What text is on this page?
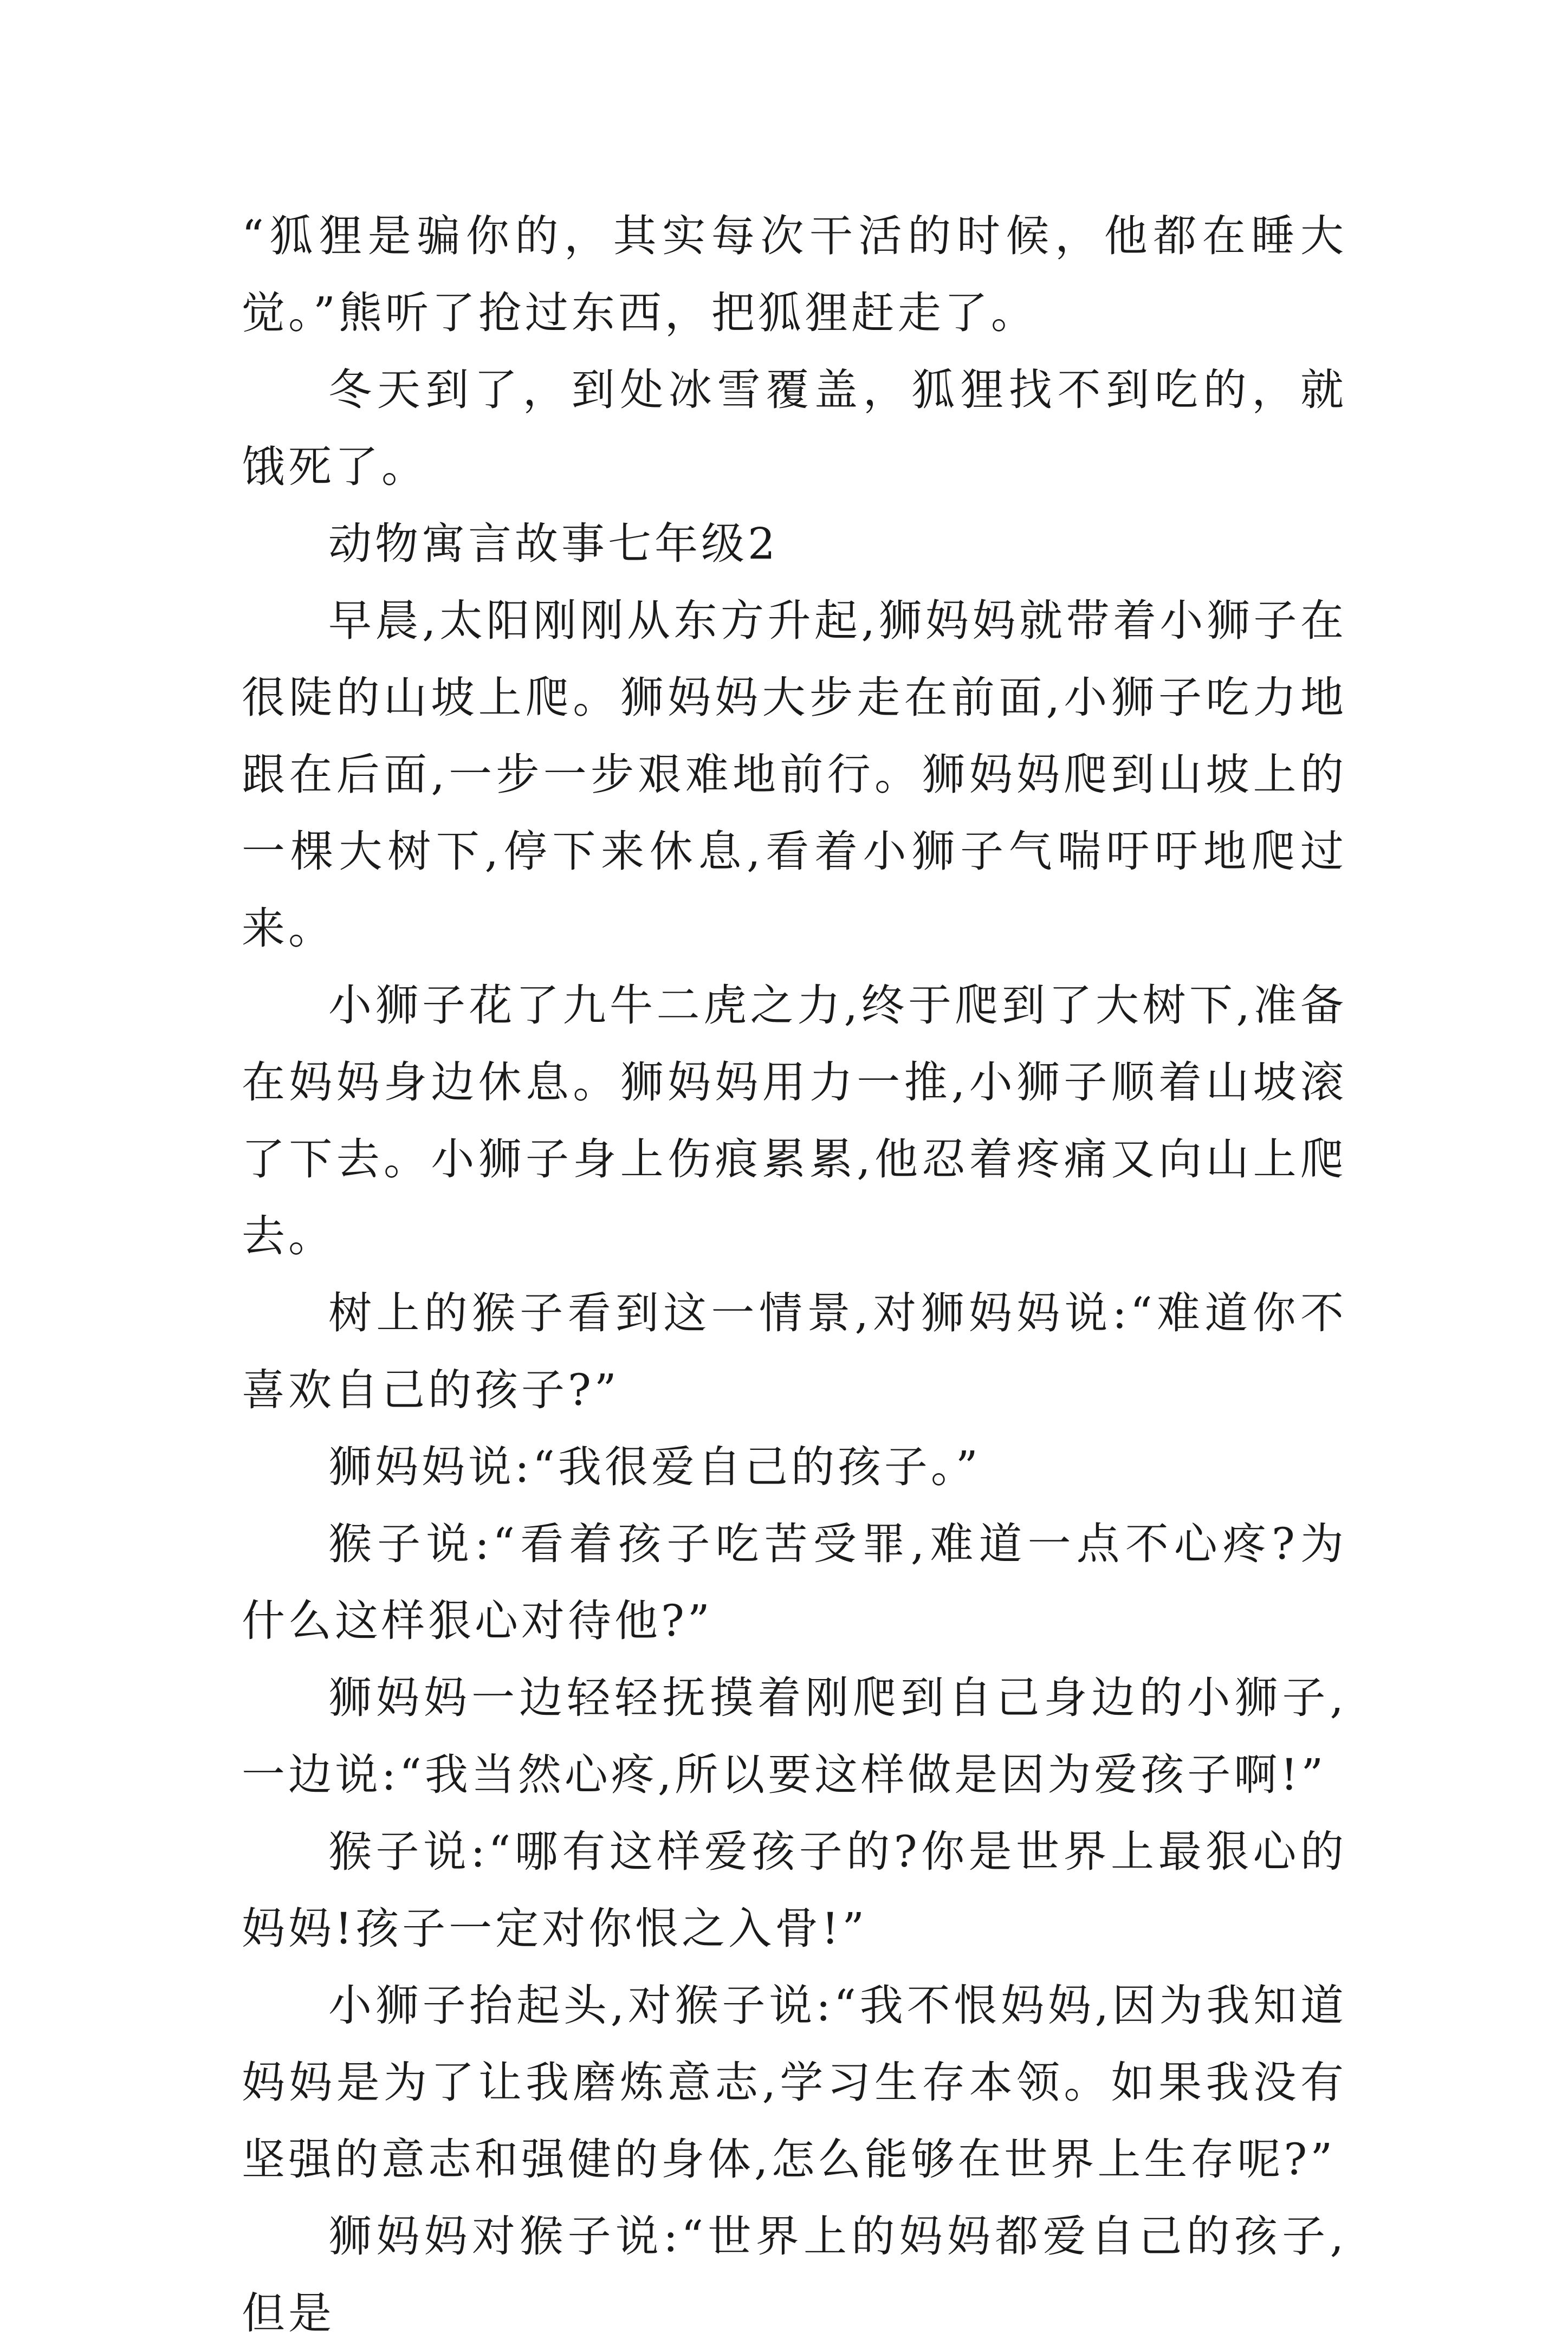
“狐狸是骗你的，其实每次干活的时候，他都在睡大觉。”熊听了抢过东西，把狐狸赶走了。

冬天到了，到处冰雪覆盖，狐狸找不到吃的，就饿死了。

动物寓言故事七年级2

早晨,太阳刚刚从东方升起,狮妈妈就带着小狮子在很陡的山坡上爬。狮妈妈大步走在前面,小狮子吃力地跟在后面,一步一步艰难地前行。狮妈妈爬到山坡上的一棵大树下,停下来休息,看着小狮子气喘吁吁地爬过来。

小狮子花了九牛二虎之力,终于爬到了大树下,准备在妈妈身边休息。狮妈妈用力一推,小狮子顺着山坡滚了下去。小狮子身上伤痕累累,他忍着疼痛又向山上爬去。

树上的猴子看到这一情景,对狮妈妈说:“难道你不喜欢自己的孩子?”

狮妈妈说:“我很爱自己的孩子。”

猴子说:“看着孩子吃苦受罪,难道一点不心疼?为什么这样狠心对待他?”

狮妈妈一边轻轻抚摸着刚爬到自己身边的小狮子,一边说:“我当然心疼,所以要这样做是因为爱孩子啊!”

猴子说:“哪有这样爱孩子的?你是世界上最狠心的妈妈!孩子一定对你恨之入骨!”

小狮子抬起头,对猴子说:“我不恨妈妈,因为我知道妈妈是为了让我磨炼意志,学习生存本领。如果我没有坚强的意志和强健的身体,怎么能够在世界上生存呢?”

狮妈妈对猴子说:“世界上的妈妈都爱自己的孩子,但是
